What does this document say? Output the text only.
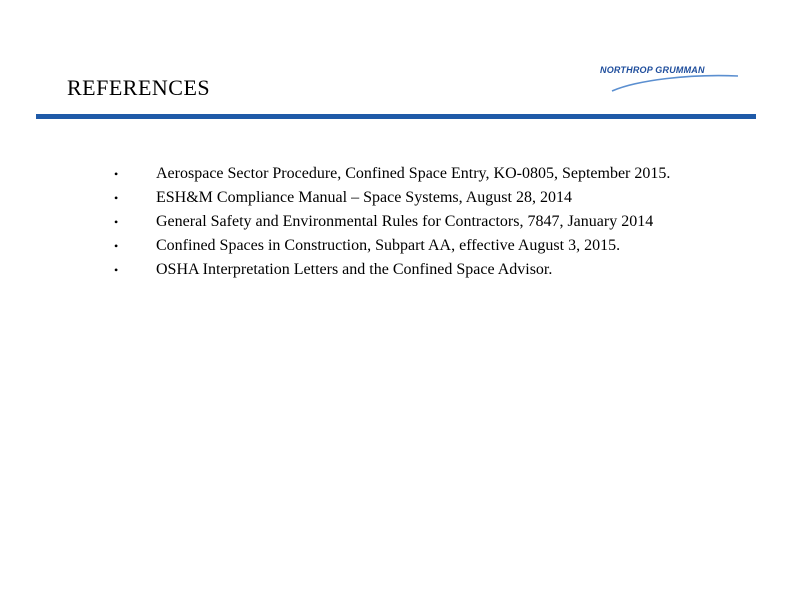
REFERENCES
NORTHROP GRUMMAN
• Aerospace Sector Procedure, Confined Space Entry, KO-0805, September 2015.
• ESH&M Compliance Manual – Space Systems, August 28, 2014
• General Safety and Environmental Rules for Contractors, 7847, January 2014
• Confined Spaces in Construction, Subpart AA, effective August 3, 2015.
• OSHA Interpretation Letters and the Confined Space Advisor.
